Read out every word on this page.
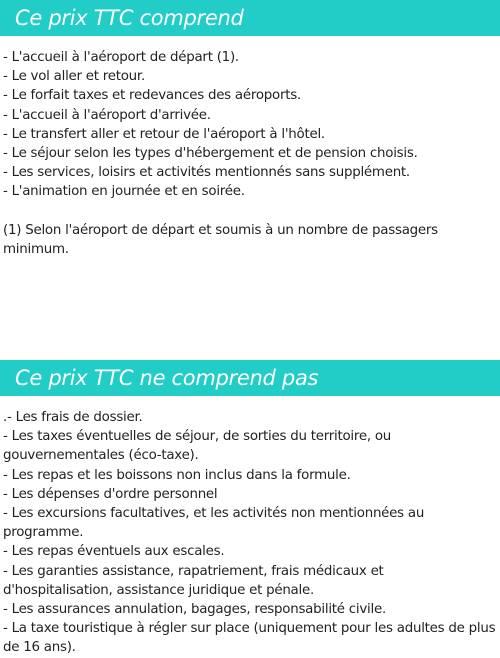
Ce prix TTC comprend
- L'accueil à l'aéroport de départ (1).
- Le vol aller et retour.
- Le forfait taxes et redevances des aéroports.
- L'accueil à l'aéroport d'arrivée.
- Le transfert aller et retour de l'aéroport à l'hôtel.
- Le séjour selon les types d'hébergement et de pension choisis.
- Les services, loisirs et activités mentionnés sans supplément.
- L'animation en journée et en soirée.
(1) Selon l'aéroport de départ et soumis à un nombre de passagers minimum.
Ce prix TTC ne comprend pas
.- Les frais de dossier.
- Les taxes éventuelles de séjour, de sorties du territoire, ou gouvernementales (éco-taxe).
- Les repas et les boissons non inclus dans la formule.
- Les dépenses d'ordre personnel
- Les excursions facultatives, et les activités non mentionnées au programme.
- Les repas éventuels aux escales.
- Les garanties assistance, rapatriement, frais médicaux et d'hospitalisation, assistance juridique et pénale.
- Les assurances annulation, bagages, responsabilité civile.
- La taxe touristique à régler sur place (uniquement pour les adultes de plus de 16 ans).
